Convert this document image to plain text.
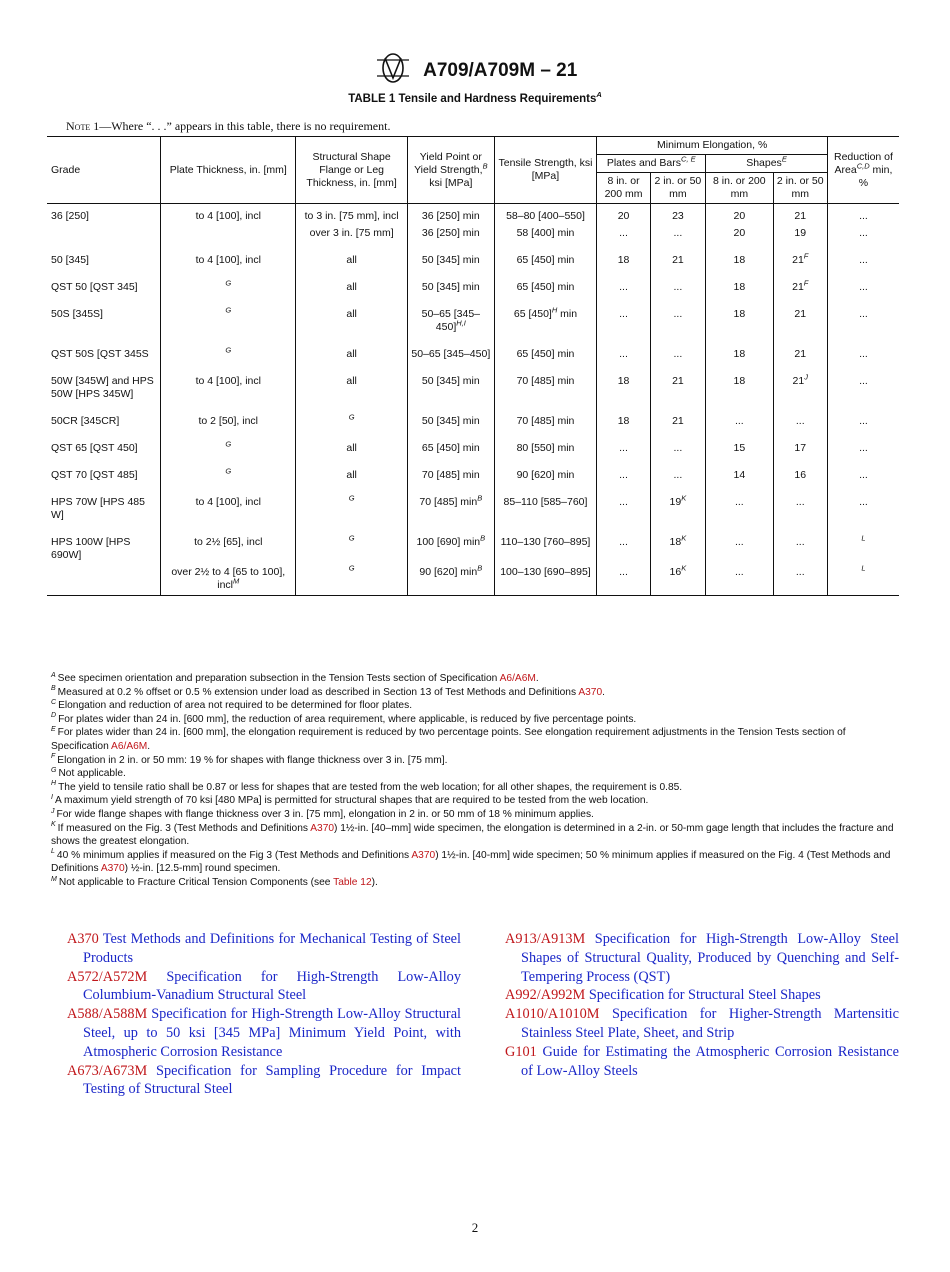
A709/A709M – 21
TABLE 1 Tensile and Hardness Requirements$^A$
Note 1—Where “. . .” appears in this table, there is no requirement.
Grade	Plate Thickness, in. [mm]	Structural Shape Flange or Leg Thickness, in. [mm]	Yield Point or Yield Strength,$^B$ ksi [MPa]	Tensile Strength, ksi [MPa]	Minimum Elongation, %				Reduction of Area$^{C,D}$ min, %
					Plates and Bars$^{C, E}$		Shapes$^E$
					8 in. or 200 mm	2 in. or 50 mm	8 in. or 200 mm	2 in. or 50 mm	
36 [250]	to 4 [100], incl	to 3 in. [75 mm], incl	36 [250] min	58–80 [400–550]	20	23	20	21	...
		over 3 in. [75 mm]	36 [250] min	58 [400] min	...	...	20	19	...
50 [345]	to 4 [100], incl	all	50 [345] min	65 [450] min	18	21	18	$21^F$	...
QST 50 [QST 345]	$^G$	all	50 [345] min	65 [450] min	...	...	18	$21^F$	...
50S [345S]	$^G$	all	50–65 $[345-450]^{H,I}$	65 $[450]^H$ min	...	...	18	21	...
QST 50S [QST 345S	$^G$	all	50–65 [345–450]	65 [450] min	...	...	18	21	...
50W [345W] and HPS 50W [HPS 345W]	to 4 [100], incl	all	50 [345] min	70 [485] min	18	21	18	$21^J$	...
50CR [345CR]	to 2 [50], incl	$^G$	50 [345] min	70 [485] min	18	21	...	...	...
QST 65 [QST 450]	$^G$	all	65 [450] min	80 [550] min	...	...	15	17	...
QST 70 [QST 485]	$^G$	all	70 [485] min	90 [620] min	...	...	14	16	...
HPS 70W [HPS 485 W]	to 4 [100], incl	$^G$	70 [485] $\min^B$	85–110 [585–760]	...	$19^K$	...	...	...
HPS 100W [HPS 690W]	to 2½ [65], incl	$^G$	100 [690] $\min^B$	110–130 [760–895]	...	$18^K$	...	...	$^L$
	over 2½ to 4 [65 to 100], incl$^M$	$^G$	90 [620] $\min^B$	100–130 [690–895]	...	$16^K$	...	...	$^L$
$^A$ See specimen orientation and preparation subsection in the Tension Tests section of Specification A6/A6M.
$^B$ Measured at 0.2 % offset or 0.5 % extension under load as described in Section 13 of Test Methods and Definitions A370.
$^C$ Elongation and reduction of area not required to be determined for floor plates.
$^D$ For plates wider than 24 in. [600 mm], the reduction of area requirement, where applicable, is reduced by five percentage points.
$^E$ For plates wider than 24 in. [600 mm], the elongation requirement is reduced by two percentage points. See elongation requirement adjustments in the Tension Tests section of Specification A6/A6M.
$^F$ Elongation in 2 in. or 50 mm: 19 % for shapes with flange thickness over 3 in. [75 mm].
$^G$ Not applicable.
$^H$ The yield to tensile ratio shall be 0.87 or less for shapes that are tested from the web location; for all other shapes, the requirement is 0.85.
$^I$ A maximum yield strength of 70 ksi [480 MPa] is permitted for structural shapes that are required to be tested from the web location.
$^J$ For wide flange shapes with flange thickness over 3 in. [75 mm], elongation in 2 in. or 50 mm of 18 % minimum applies.
$^K$ If measured on the Fig. 3 (Test Methods and Definitions A370) 1½-in. [40–mm] wide specimen, the elongation is determined in a 2-in. or 50-mm gage length that includes the fracture and shows the greatest elongation.
$^L$ 40 % minimum applies if measured on the Fig 3 (Test Methods and Definitions A370) 1½-in. [40-mm] wide specimen; 50 % minimum applies if measured on the Fig. 4 (Test Methods and Definitions A370) ½-in. [12.5-mm] round specimen.
$^M$ Not applicable to Fracture Critical Tension Components (see Table 12).
A370 Test Methods and Definitions for Mechanical Testing of Steel Products
A572/A572M Specification for High-Strength Low-Alloy Columbium-Vanadium Structural Steel
A588/A588M Specification for High-Strength Low-Alloy Structural Steel, up to 50 ksi [345 MPa] Minimum Yield Point, with Atmospheric Corrosion Resistance
A673/A673M Specification for Sampling Procedure for Impact Testing of Structural Steel
A913/A913M Specification for High-Strength Low-Alloy Steel Shapes of Structural Quality, Produced by Quenching and Self-Tempering Process (QST)
A992/A992M Specification for Structural Steel Shapes
A1010/A1010M Specification for Higher-Strength Martensitic Stainless Steel Plate, Sheet, and Strip
G101 Guide for Estimating the Atmospheric Corrosion Resistance of Low-Alloy Steels
2
